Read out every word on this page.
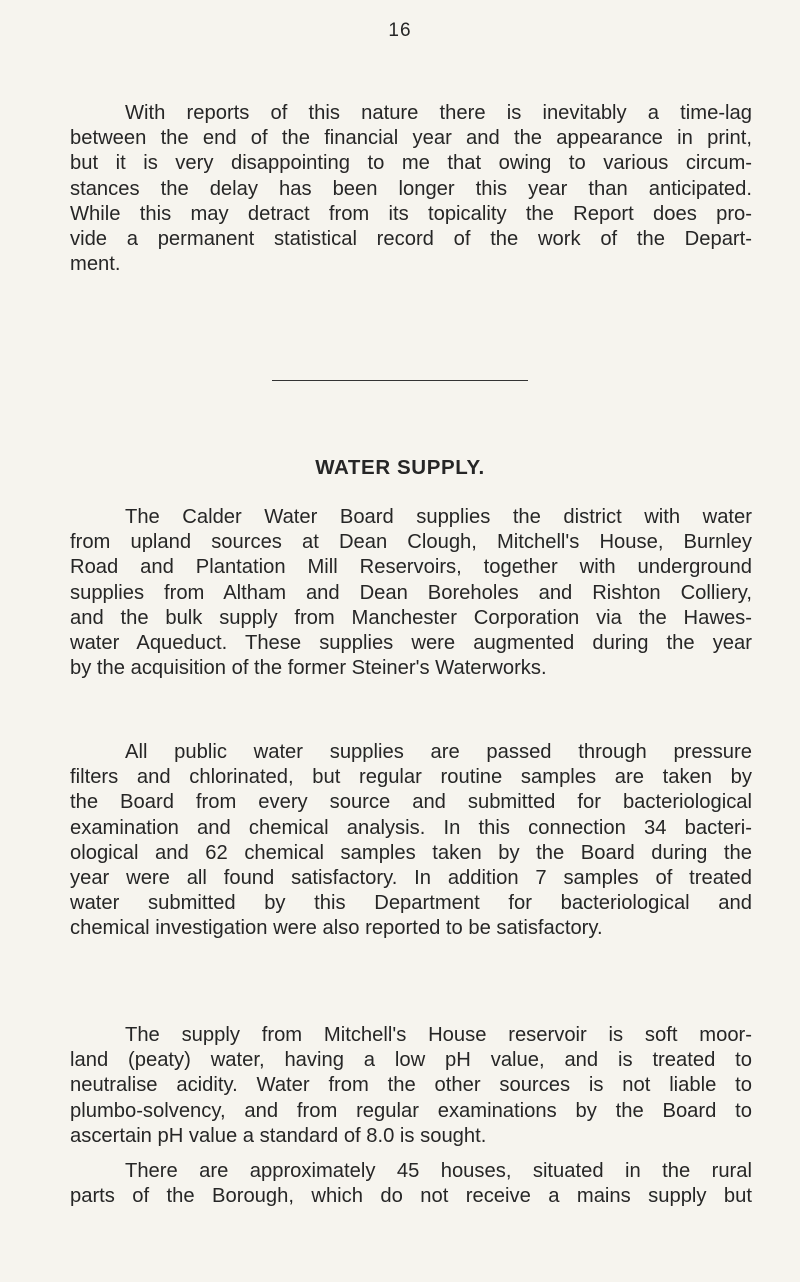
16

With reports of this nature there is inevitably a time-lag
between the end of the financial year and the appearance in print,
but it is very disappointing to me that owing to various circum-
stances the delay has been longer this year than anticipated.
While this may detract from its topicality the Report does pro-
vide a permanent statistical record of the work of the Depart-
ment.

WATER SUPPLY.

The Calder Water Board supplies the district with water
from upland sources at Dean Clough, Mitchell's House, Burnley
Road and Plantation Mill Reservoirs, together with underground
supplies from Altham and Dean Boreholes and Rishton Colliery,
and the bulk supply from Manchester Corporation via the Hawes-
water Aqueduct. These supplies were augmented during the year
by the acquisition of the former Steiner's Waterworks.

All public water supplies are passed through pressure
filters and chlorinated, but regular routine samples are taken by
the Board from every source and submitted for bacteriological
examination and chemical analysis. In this connection 34 bacteri-
ological and 62 chemical samples taken by the Board during the
year were all found satisfactory. In addition 7 samples of treated
water submitted by this Department for bacteriological and
chemical investigation were also reported to be satisfactory.

The supply from Mitchell's House reservoir is soft moor-
land (peaty) water, having a low pH value, and is treated to
neutralise acidity. Water from the other sources is not liable to
plumbo-solvency, and from regular examinations by the Board to
ascertain pH value a standard of 8.0 is sought.

There are approximately 45 houses, situated in the rural
parts of the Borough, which do not receive a mains supply but
